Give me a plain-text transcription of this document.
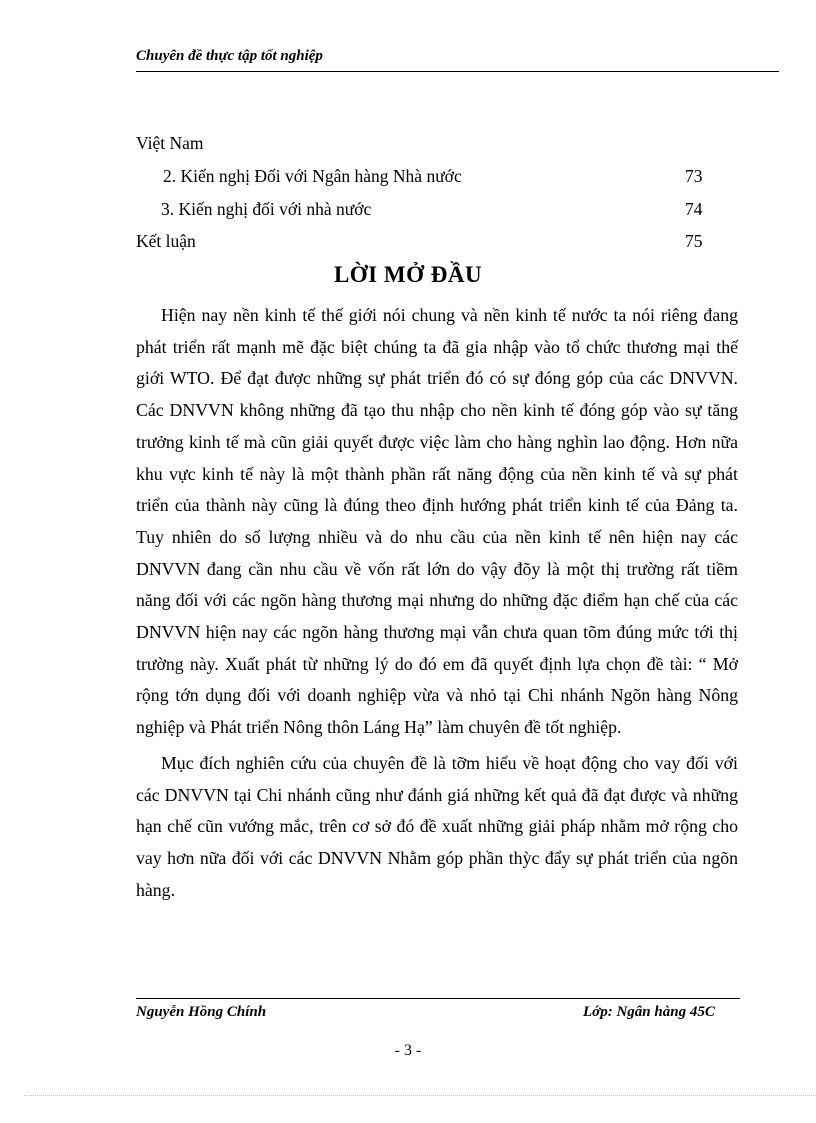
Chuyên đề thực tập tốt nghiệp
Việt Nam
2. Kiến nghị Đối với Ngân hàng Nhà nước	73
3. Kiến nghị đối với nhà nước	74
Kết luận	75
LỜI MỞ ĐẦU

Hiện nay nền kinh tế thế giới nói chung và nền kinh tế nước ta nói riêng đang phát triển rất mạnh mẽ đặc biệt chúng ta đã gia nhập vào tổ chức thương mại thế giới WTO. Để đạt được những sự phát triển đó có sự đóng góp của các DNVVN. Các DNVVN không những đã tạo thu nhập cho nền kinh tế đóng góp vào sự tăng trưởng kinh tế mà cũn giải quyết được việc làm cho hàng nghìn lao động. Hơn nữa khu vực kinh tế này là một thành phần rất năng động của nền kinh tế và sự phát triển của thành này cũng là đúng theo định hướng phát triển kinh tế của Đảng ta. Tuy nhiên do số lượng nhiều và do nhu cầu của nền kinh tế nên hiện nay các DNVVN đang cần nhu cầu về vốn rất lớn do vậy đõy là một thị trường rất tiềm năng đối với các ngõn hàng thương mại nhưng do những đặc điểm hạn chế của các DNVVN hiện nay các ngõn hàng thương mại vẫn chưa quan tõm đúng mức tới thị trường này. Xuất phát từ những lý do đó em đã quyết định lựa chọn đề tài: “ Mở rộng tớn dụng đối với doanh nghiệp vừa và nhỏ tại Chi nhánh Ngõn hàng Nông nghiệp và Phát triển Nông thôn Láng Hạ” làm chuyên đề tốt nghiệp.

Mục đích nghiên cứu của chuyên đề là tỡm hiểu về hoạt động cho vay đối với các DNVVN tại Chi nhánh cũng như đánh giá những kết quả đã đạt được và những hạn chế cũn vướng mắc, trên cơ sở đó đề xuất những giải pháp nhằm mở rộng cho vay hơn nữa đối với các DNVVN Nhằm góp phần thỳc đẩy sự phát triển của ngõn hàng.

Nguyễn Hồng Chính	Lớp: Ngân hàng 45C
- 3 -
